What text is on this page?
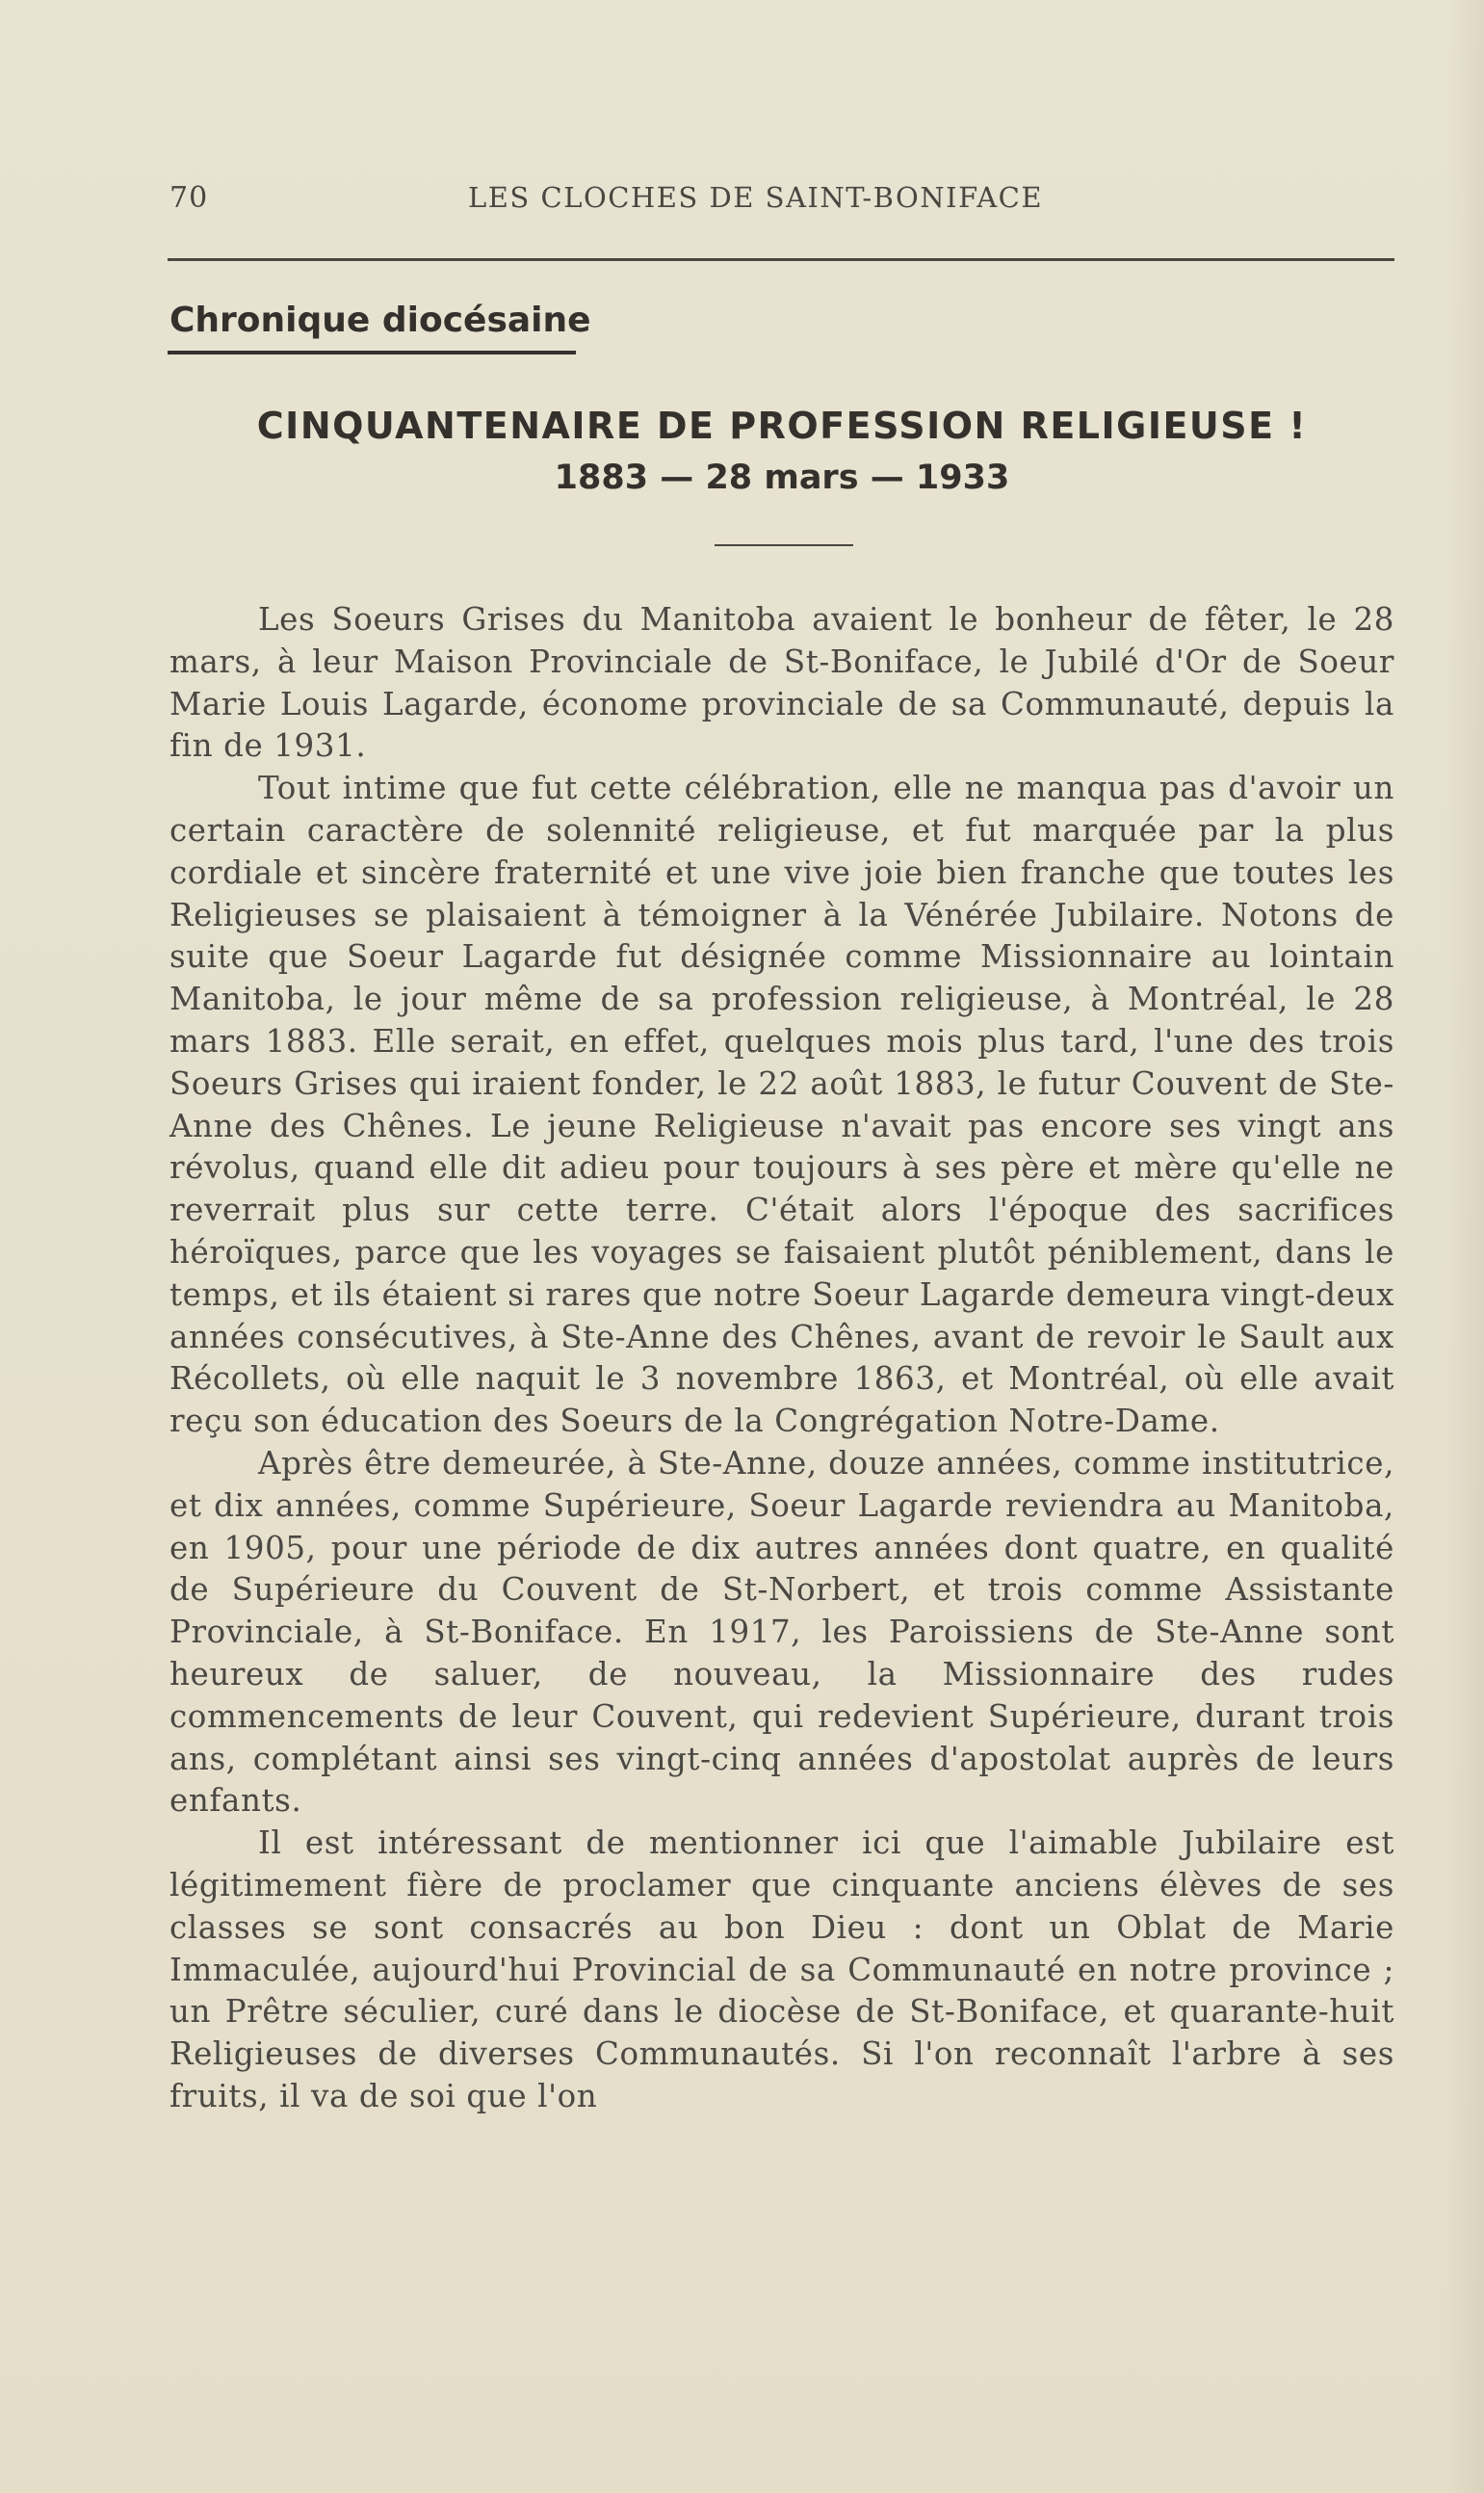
70	LES CLOCHES DE SAINT-BONIFACE
Chronique diocésaine
CINQUANTENAIRE DE PROFESSION RELIGIEUSE !
1883 — 28 mars — 1933

Les Soeurs Grises du Manitoba avaient le bonheur de fêter, le 28 mars, à leur Maison Provinciale de St-Boniface, le Jubilé d'Or de Soeur Marie Louis Lagarde, économe provinciale de sa Communauté, depuis la fin de 1931.

Tout intime que fut cette célébration, elle ne manqua pas d'avoir un certain caractère de solennité religieuse, et fut marquée par la plus cordiale et sincère fraternité et une vive joie bien franche que toutes les Religieuses se plaisaient à témoigner à la Vénérée Jubilaire. Notons de suite que Soeur Lagarde fut désignée comme Missionnaire au lointain Manitoba, le jour même de sa profession religieuse, à Montréal, le 28 mars 1883. Elle serait, en effet, quelques mois plus tard, l'une des trois Soeurs Grises qui iraient fonder, le 22 août 1883, le futur Couvent de Ste-Anne des Chênes. Le jeune Religieuse n'avait pas encore ses vingt ans révolus, quand elle dit adieu pour toujours à ses père et mère qu'elle ne reverrait plus sur cette terre. C'était alors l'époque des sacrifices héroïques, parce que les voyages se faisaient plutôt péniblement, dans le temps, et ils étaient si rares que notre Soeur Lagarde demeura vingt-deux années consécutives, à Ste-Anne des Chênes, avant de revoir le Sault aux Récollets, où elle naquit le 3 novembre 1863, et Montréal, où elle avait reçu son éducation des Soeurs de la Congrégation Notre-Dame.

Après être demeurée, à Ste-Anne, douze années, comme institutrice, et dix années, comme Supérieure, Soeur Lagarde reviendra au Manitoba, en 1905, pour une période de dix autres années dont quatre, en qualité de Supérieure du Couvent de St-Norbert, et trois comme Assistante Provinciale, à St-Boniface. En 1917, les Paroissiens de Ste-Anne sont heureux de saluer, de nouveau, la Missionnaire des rudes commencements de leur Couvent, qui redevient Supérieure, durant trois ans, complétant ainsi ses vingt-cinq années d'apostolat auprès de leurs enfants.

Il est intéressant de mentionner ici que l'aimable Jubilaire est légitimement fière de proclamer que cinquante anciens élèves de ses classes se sont consacrés au bon Dieu : dont un Oblat de Marie Immaculée, aujourd'hui Provincial de sa Communauté en notre province ; un Prêtre séculier, curé dans le diocèse de St-Boniface, et quarante-huit Religieuses de diverses Communautés. Si l'on reconnaît l'arbre à ses fruits, il va de soi que l'on
